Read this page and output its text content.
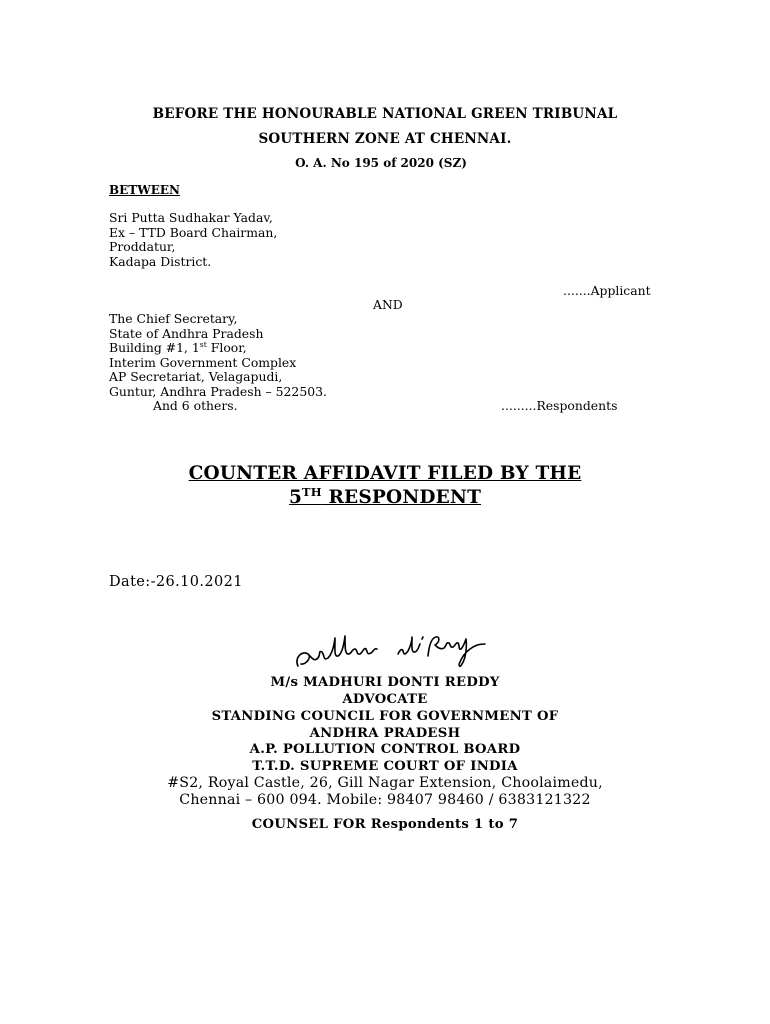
BEFORE THE HONOURABLE NATIONAL GREEN TRIBUNAL
SOUTHERN ZONE AT CHENNAI.
O. A. No 195 of 2020 (SZ)
BETWEEN
Sri Putta Sudhakar Yadav,
Ex – TTD Board Chairman,
Proddatur,
Kadapa District.
.......Applicant
AND
The Chief Secretary,
State of Andhra Pradesh
Building #1, 1st Floor,
Interim Government Complex
AP Secretariat, Velagapudi,
Guntur, Andhra Pradesh – 522503.
And 6 others.	.........Respondents
COUNTER AFFIDAVIT FILED BY THE
5TH RESPONDENT
Date:-26.10.2021
M/s MADHURI DONTI REDDY
ADVOCATE
STANDING COUNCIL FOR GOVERNMENT OF
ANDHRA PRADESH
A.P. POLLUTION CONTROL BOARD
T.T.D. SUPREME COURT OF INDIA
#S2, Royal Castle, 26, Gill Nagar Extension, Choolaimedu,
Chennai – 600 094. Mobile: 98407 98460 / 6383121322
COUNSEL FOR Respondents 1 to 7
